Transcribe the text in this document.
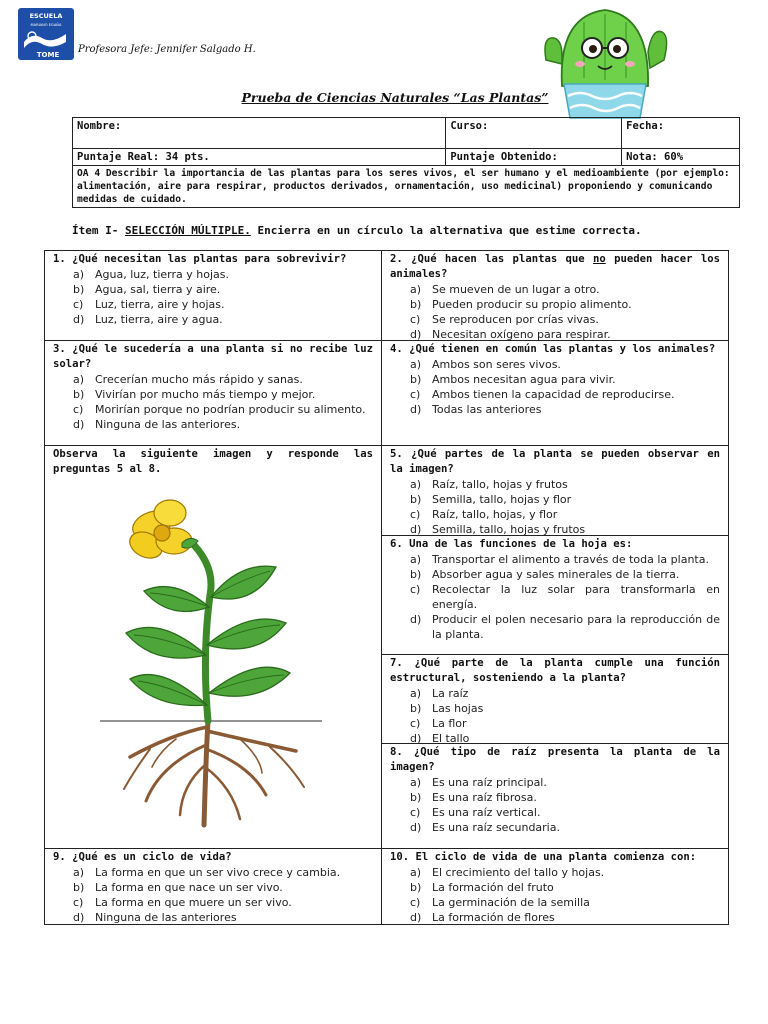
ESCUELA
MARIANO EGAÑA
TOME Profesora Jefe: Jennifer Salgado H.
Prueba de Ciencias Naturales “Las Plantas”
Nombre:	Curso:	Fecha:
Puntaje Real: 34 pts.	Puntaje Obtenido:	Nota: 60%
OA 4 Describir la importancia de las plantas para los seres vivos, el ser humano y el medioambiente (por ejemplo: alimentación, aire para respirar, productos derivados, ornamentación, uso medicinal) proponiendo y comunicando medidas de cuidado.		
Ítem I- SELECCIÓN MÚLTIPLE. Encierra en un círculo la alternativa que estime correcta.
1. ¿Qué necesitan las plantas para sobrevivir?
a) Agua, luz, tierra y hojas.
b) Agua, sal, tierra y aire.
c)	Luz, tierra, aire y hojas.
d) Luz, tierra, aire y agua.
2. ¿Qué hacen las plantas que no pueden hacer los animales?
a) Se mueven de un lugar a otro.
b) Pueden producir su propio alimento.
c)	Se reproducen por crías vivas.
d) Necesitan oxígeno para respirar.
3. ¿Qué le sucedería a una planta si no recibe luz solar?
a) Crecerían mucho más rápido y sanas.
b) Vivirían por mucho más tiempo y mejor.
c)	Morirían porque no podrían producir su alimento.
d) Ninguna de las anteriores.
4. ¿Qué tienen en común las plantas y los animales?
a) Ambos son seres vivos.
b) Ambos necesitan agua para vivir.
c)	Ambos tienen la capacidad de reproducirse.
d) Todas las anteriores
Observa la siguiente imagen y responde las preguntas 5 al 8.
5. ¿Qué partes de la planta se pueden observar en la imagen?
a) Raíz, tallo, hojas y frutos
b) Semilla, tallo, hojas y flor
c)	Raíz, tallo, hojas, y flor
d) Semilla, tallo, hojas y frutos
6. Una de las funciones de la hoja es:
a) Transportar el alimento a través de toda la planta.
b) Absorber agua y sales minerales de la tierra.
c)	Recolectar la luz solar para transformarla en energía.
d) Producir el polen necesario para la reproducción de la planta.
7. ¿Qué parte de la planta cumple una función estructural, sosteniendo a la planta?
a) La raíz
b) Las hojas
c)	La flor
d) El tallo
8. ¿Qué tipo de raíz presenta la planta de la imagen?
a) Es una raíz principal.
b) Es una raíz fibrosa.
c)	Es una raíz vertical.
d) Es una raíz secundaria.
9. ¿Qué es un ciclo de vida?
a) La forma en que un ser vivo crece y cambia.
b) La forma en que nace un ser vivo.
c)	La forma en que muere un ser vivo.
d) Ninguna de las anteriores
10. El ciclo de vida de una planta comienza con:
a) El crecimiento del tallo y hojas.
b) La formación del fruto
c)	La germinación de la semilla
d) La formación de flores
